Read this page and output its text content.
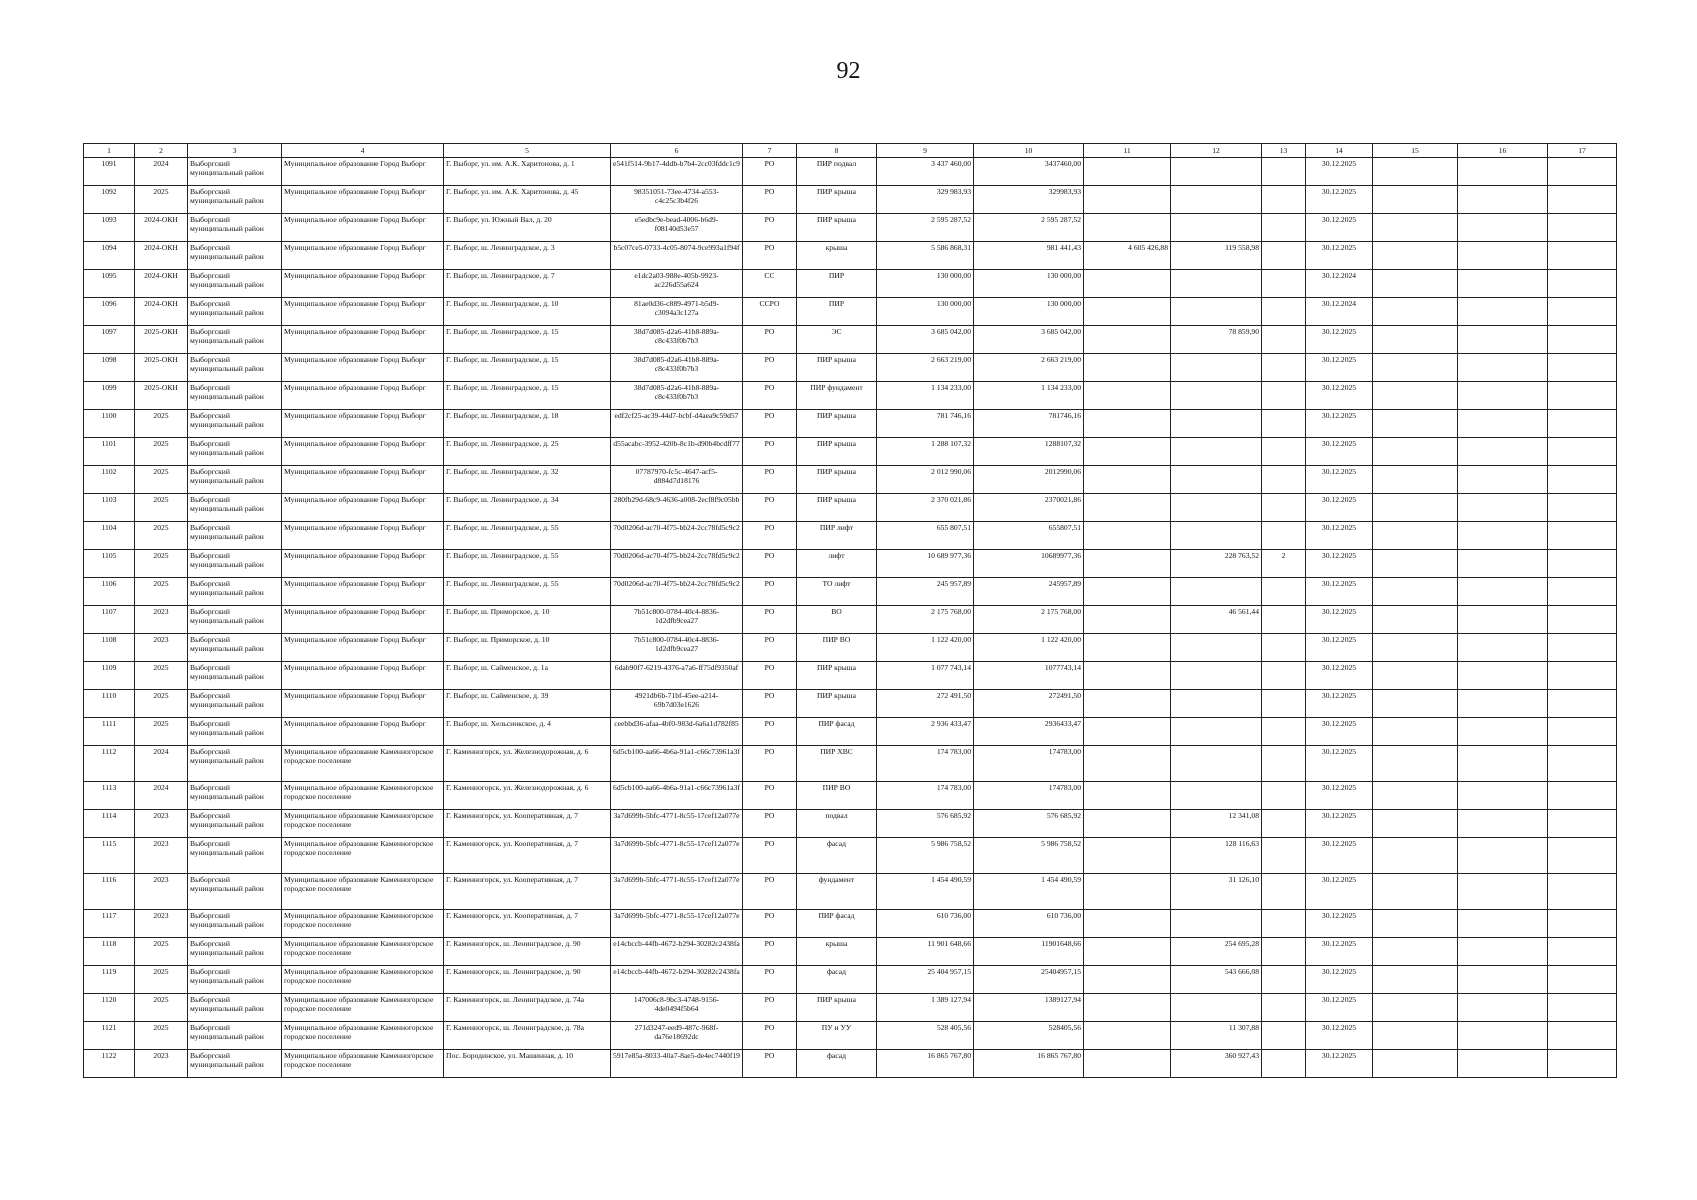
92
1	2	3	4	5	6	7	8	9	10	11	12	13	14	15	16	17
1091	2024	Выборгский муниципальный район	Муниципальное образование Город Выборг	Г. Выборг, ул. им. А.К. Харитонова, д. 1	e541f514-9b17-4ddb-b7b4-2cc03fddc1c9	РО	ПИР подвал	3 437 460,00	3437460,00				30.12.2025			
1092	2025	Выборгский муниципальный район	Муниципальное образование Город Выборг	Г. Выборг, ул. им. А.К. Харитонова, д. 45	98351051-73ee-4734-a553-c4c25c3b4f26	РО	ПИР крыша	329 983,93	329983,93				30.12.2025			
1093	2024-ОКН	Выборгский муниципальный район	Муниципальное образование Город Выборг	Г. Выборг, ул. Южный Вал, д. 20	e5edbc9e-bead-4006-b6d9-f08140d53e57	РО	ПИР крыша	2 595 287,52	2 595 287,52				30.12.2025			
1094	2024-ОКН	Выборгский муниципальный район	Муниципальное образование Город Выборг	Г. Выборг, ш. Ленинградское, д. 3	b5c07ce5-0733-4c05-8074-9ce993a1f94f	РО	крыша	5 586 868,31	981 441,43	4 605 426,88	119 558,98		30.12.2025			
1095	2024-ОКН	Выборгский муниципальный район	Муниципальное образование Город Выборг	Г. Выборг, ш. Ленинградское, д. 7	e1dc2a03-988e-405b-9923-ac226d55a624	СС	ПИР	130 000,00	130 000,00				30.12.2024			
1096	2024-ОКН	Выборгский муниципальный район	Муниципальное образование Город Выборг	Г. Выборг, ш. Ленинградское, д. 10	81ae0d36-c889-4971-b5d9-c3094a3c127a	ССРО	ПИР	130 000,00	130 000,00				30.12.2024			
1097	2025-ОКН	Выборгский муниципальный район	Муниципальное образование Город Выборг	Г. Выборг, ш. Ленинградское, д. 15	38d7d085-d2a6-41b8-889a-c8c433f0b7b3	РО	ЭС	3 685 042,00	3 685 042,00		78 859,90		30.12.2025			
1098	2025-ОКН	Выборгский муниципальный район	Муниципальное образование Город Выборг	Г. Выборг, ш. Ленинградское, д. 15	38d7d085-d2a6-41b8-889a-c8c433f0b7b3	РО	ПИР крыша	2 663 219,00	2 663 219,00				30.12.2025			
1099	2025-ОКН	Выборгский муниципальный район	Муниципальное образование Город Выборг	Г. Выборг, ш. Ленинградское, д. 15	38d7d085-d2a6-41b8-889a-c8c433f0b7b3	РО	ПИР фундамент	1 134 233,00	1 134 233,00				30.12.2025			
1100	2025	Выборгский муниципальный район	Муниципальное образование Город Выборг	Г. Выборг, ш. Ленинградское, д. 18	edf2cf25-ac39-44d7-bcbf-d4aea9c59d57	РО	ПИР крыша	781 746,16	781746,16				30.12.2025			
1101	2025	Выборгский муниципальный район	Муниципальное образование Город Выборг	Г. Выборг, ш. Ленинградское, д. 25	d55acabc-3952-420b-8c1b-d90b4bcdff77	РО	ПИР крыша	1 288 107,32	1288107,32				30.12.2025			
1102	2025	Выборгский муниципальный район	Муниципальное образование Город Выборг	Г. Выборг, ш. Ленинградское, д. 32	07787970-fc5c-4647-acf5-d884d7d18176	РО	ПИР крыша	2 012 990,06	2012990,06				30.12.2025			
1103	2025	Выборгский муниципальный район	Муниципальное образование Город Выборг	Г. Выборг, ш. Ленинградское, д. 34	280fb29d-68c9-4636-a008-2ecf8f9c05bb	РО	ПИР крыша	2 370 021,86	2370021,86				30.12.2025			
1104	2025	Выборгский муниципальный район	Муниципальное образование Город Выборг	Г. Выборг, ш. Ленинградское, д. 55	70d0206d-ac70-4f75-bb24-2cc78fd5c9c2	РО	ПИР лифт	655 807,51	655807,51				30.12.2025			
1105	2025	Выборгский муниципальный район	Муниципальное образование Город Выборг	Г. Выборг, ш. Ленинградское, д. 55	70d0206d-ac70-4f75-bb24-2cc78fd5c9c2	РО	лифт	10 689 977,36	10689977,36		228 763,52	2	30.12.2025			
1106	2025	Выборгский муниципальный район	Муниципальное образование Город Выборг	Г. Выборг, ш. Ленинградское, д. 55	70d0206d-ac70-4f75-bb24-2cc78fd5c9c2	РО	ТО лифт	245 957,89	245957,89				30.12.2025			
1107	2023	Выборгский муниципальный район	Муниципальное образование Город Выборг	Г. Выборг, ш. Приморское, д. 10	7b51c800-0784-40c4-8836-1d2dfb9cea27	РО	ВО	2 175 768,00	2 175 768,00		46 561,44		30.12.2025			
1108	2023	Выборгский муниципальный район	Муниципальное образование Город Выборг	Г. Выборг, ш. Приморское, д. 10	7b51c800-0784-40c4-8836-1d2dfb9cea27	РО	ПИР ВО	1 122 420,00	1 122 420,00				30.12.2025			
1109	2025	Выборгский муниципальный район	Муниципальное образование Город Выборг	Г. Выборг, ш. Сайменское, д. 1а	6dab90f7-6219-4376-a7a6-ff75df9350af	РО	ПИР крыша	1 077 743,14	1077743,14				30.12.2025			
1110	2025	Выборгский муниципальный район	Муниципальное образование Город Выборг	Г. Выборг, ш. Сайменское, д. 39	4921db6b-71bf-45ee-a214-69b7d03e1626	РО	ПИР крыша	272 491,50	272491,50				30.12.2025			
1111	2025	Выборгский муниципальный район	Муниципальное образование Город Выборг	Г. Выборг, ш. Хельсинкское, д. 4	ceebbd36-afaa-4bf0-983d-6a6a1d782f85	РО	ПИР фасад	2 936 433,47	2936433,47				30.12.2025			
1112	2024	Выборгский муниципальный район	Муниципальное образование Каменногорское городское поселение	Г. Каменногорск, ул. Железнодорожная, д. 6	6d5cb100-aa66-4b6a-91a1-c66c73961a3f	РО	ПИР ХВС	174 783,00	174783,00				30.12.2025			
1113	2024	Выборгский муниципальный район	Муниципальное образование Каменногорское городское поселение	Г. Каменногорск, ул. Железнодорожная, д. 6	6d5cb100-aa66-4b6a-91a1-c66c73961a3f	РО	ПИР ВО	174 783,00	174783,00				30.12.2025			
1114	2023	Выборгский муниципальный район	Муниципальное образование Каменногорское городское поселение	Г. Каменногорск, ул. Кооперативная, д. 7	3a7d699b-5bfc-4771-8c55-17cef12a077e	РО	подвал	576 685,92	576 685,92		12 341,08		30.12.2025			
1115	2023	Выборгский муниципальный район	Муниципальное образование Каменногорское городское поселение	Г. Каменногорск, ул. Кооперативная, д. 7	3a7d699b-5bfc-4771-8c55-17cef12a077e	РО	фасад	5 986 758,52	5 986 758,52		128 116,63		30.12.2025			
1116	2023	Выборгский муниципальный район	Муниципальное образование Каменногорское городское поселение	Г. Каменногорск, ул. Кооперативная, д. 7	3a7d699b-5bfc-4771-8c55-17cef12a077e	РО	фундамент	1 454 490,59	1 454 490,59		31 126,10		30.12.2025			
1117	2023	Выборгский муниципальный район	Муниципальное образование Каменногорское городское поселение	Г. Каменногорск, ул. Кооперативная, д. 7	3a7d699b-5bfc-4771-8c55-17cef12a077e	РО	ПИР фасад	610 736,00	610 736,00				30.12.2025			
1118	2025	Выборгский муниципальный район	Муниципальное образование Каменногорское городское поселение	Г. Каменногорск, ш. Ленинградское, д. 90	e14cbccb-44fb-4672-b294-30282c2438fa	РО	крыша	11 901 648,66	11901648,66		254 695,28		30.12.2025			
1119	2025	Выборгский муниципальный район	Муниципальное образование Каменногорское городское поселение	Г. Каменногорск, ш. Ленинградское, д. 90	e14cbccb-44fb-4672-b294-30282c2438fa	РО	фасад	25 404 957,15	25404957,15		543 666,08		30.12.2025			
1120	2025	Выборгский муниципальный район	Муниципальное образование Каменногорское городское поселение	Г. Каменногорск, ш. Ленинградское, д. 74а	147006c8-9bc3-4748-9156-4de0494f5b64	РО	ПИР крыша	1 389 127,94	1389127,94				30.12.2025			
1121	2025	Выборгский муниципальный район	Муниципальное образование Каменногорское городское поселение	Г. Каменногорск, ш. Ленинградское, д. 78а	271d3247-eed9-487c-968f-da76e18692dc	РО	ПУ и УУ	528 405,56	528405,56		11 307,88		30.12.2025			
1122	2023	Выборгский муниципальный район	Муниципальное образование Каменногорское городское поселение	Пос. Бородинское, ул. Машинная, д. 10	5917e85a-8033-40a7-8ae5-de4ec7440f19	РО	фасад	16 865 767,80	16 865 767,80		360 927,43		30.12.2025			
